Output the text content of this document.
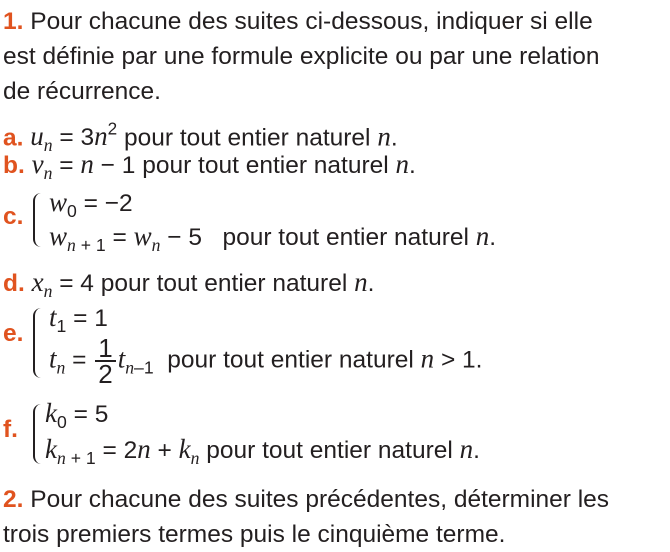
1. Pour chacune des suites ci-dessous, indiquer si elle
est définie par une formule explicite ou par une relation
de récurrence.
a. $u_n = 3n^2$ pour tout entier naturel n.
b. $v_n = n - 1$ pour tout entier naturel n.
c. $w_0 = -2$
$w_n$ $_{+ 1} = w_n - 5$   pour tout entier naturel n.
d. $x_n = 4$ pour tout entier naturel n.
e.
$t_1 = 1$
$t_n = \frac{1}{2} t_{n-1}$ pour tout entier naturel n > 1.
f.
$k_0 = 5$
$k_n$ $_{+ 1} = 2n + k_n$ pour tout entier naturel n.
2. Pour chacune des suites précédentes, déterminer les
trois premiers termes puis le cinquième terme.
